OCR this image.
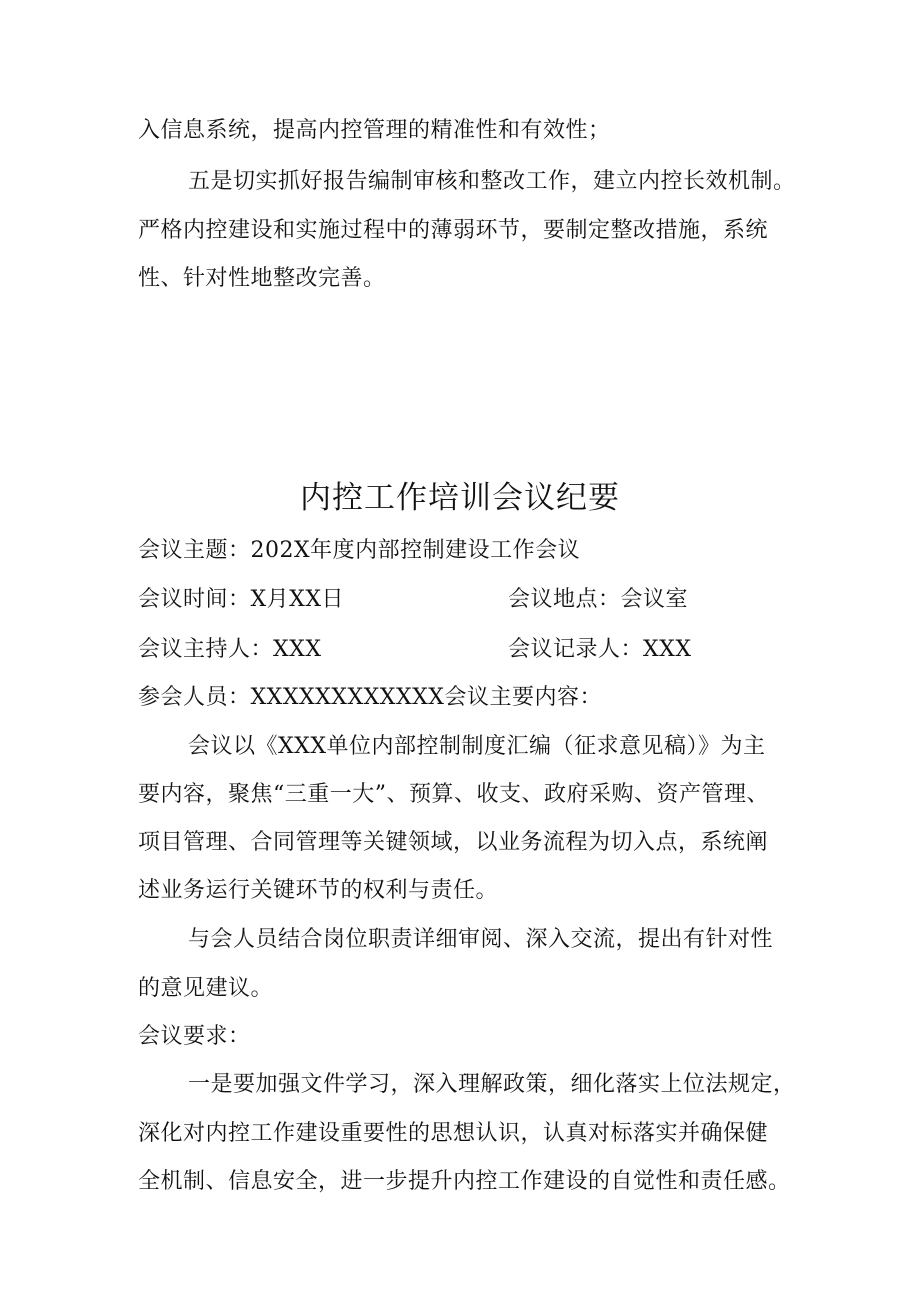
入信息系统，提高内控管理的精准性和有效性；
五是切实抓好报告编制审核和整改工作，建立内控长效机制。
严格内控建设和实施过程中的薄弱环节，要制定整改措施，系统
性、针对性地整改完善。
内控工作培训会议纪要
会议主题：202X年度内部控制建设工作会议
会议时间：X月XX日	会议地点：会议室
会议主持人：XXX	会议记录人：XXX
参会人员：XXXXXXXXXXXX会议主要内容：
会议以《XXX单位内部控制制度汇编（征求意见稿）》为主
要内容，聚焦“三重一大”、预算、收支、政府采购、资产管理、
项目管理、合同管理等关键领域，以业务流程为切入点，系统阐
述业务运行关键环节的权利与责任。
与会人员结合岗位职责详细审阅、深入交流，提出有针对性
的意见建议。
会议要求：
一是要加强文件学习，深入理解政策，细化落实上位法规定，
深化对内控工作建设重要性的思想认识，认真对标落实并确保健
全机制、信息安全，进一步提升内控工作建设的自觉性和责任感。
